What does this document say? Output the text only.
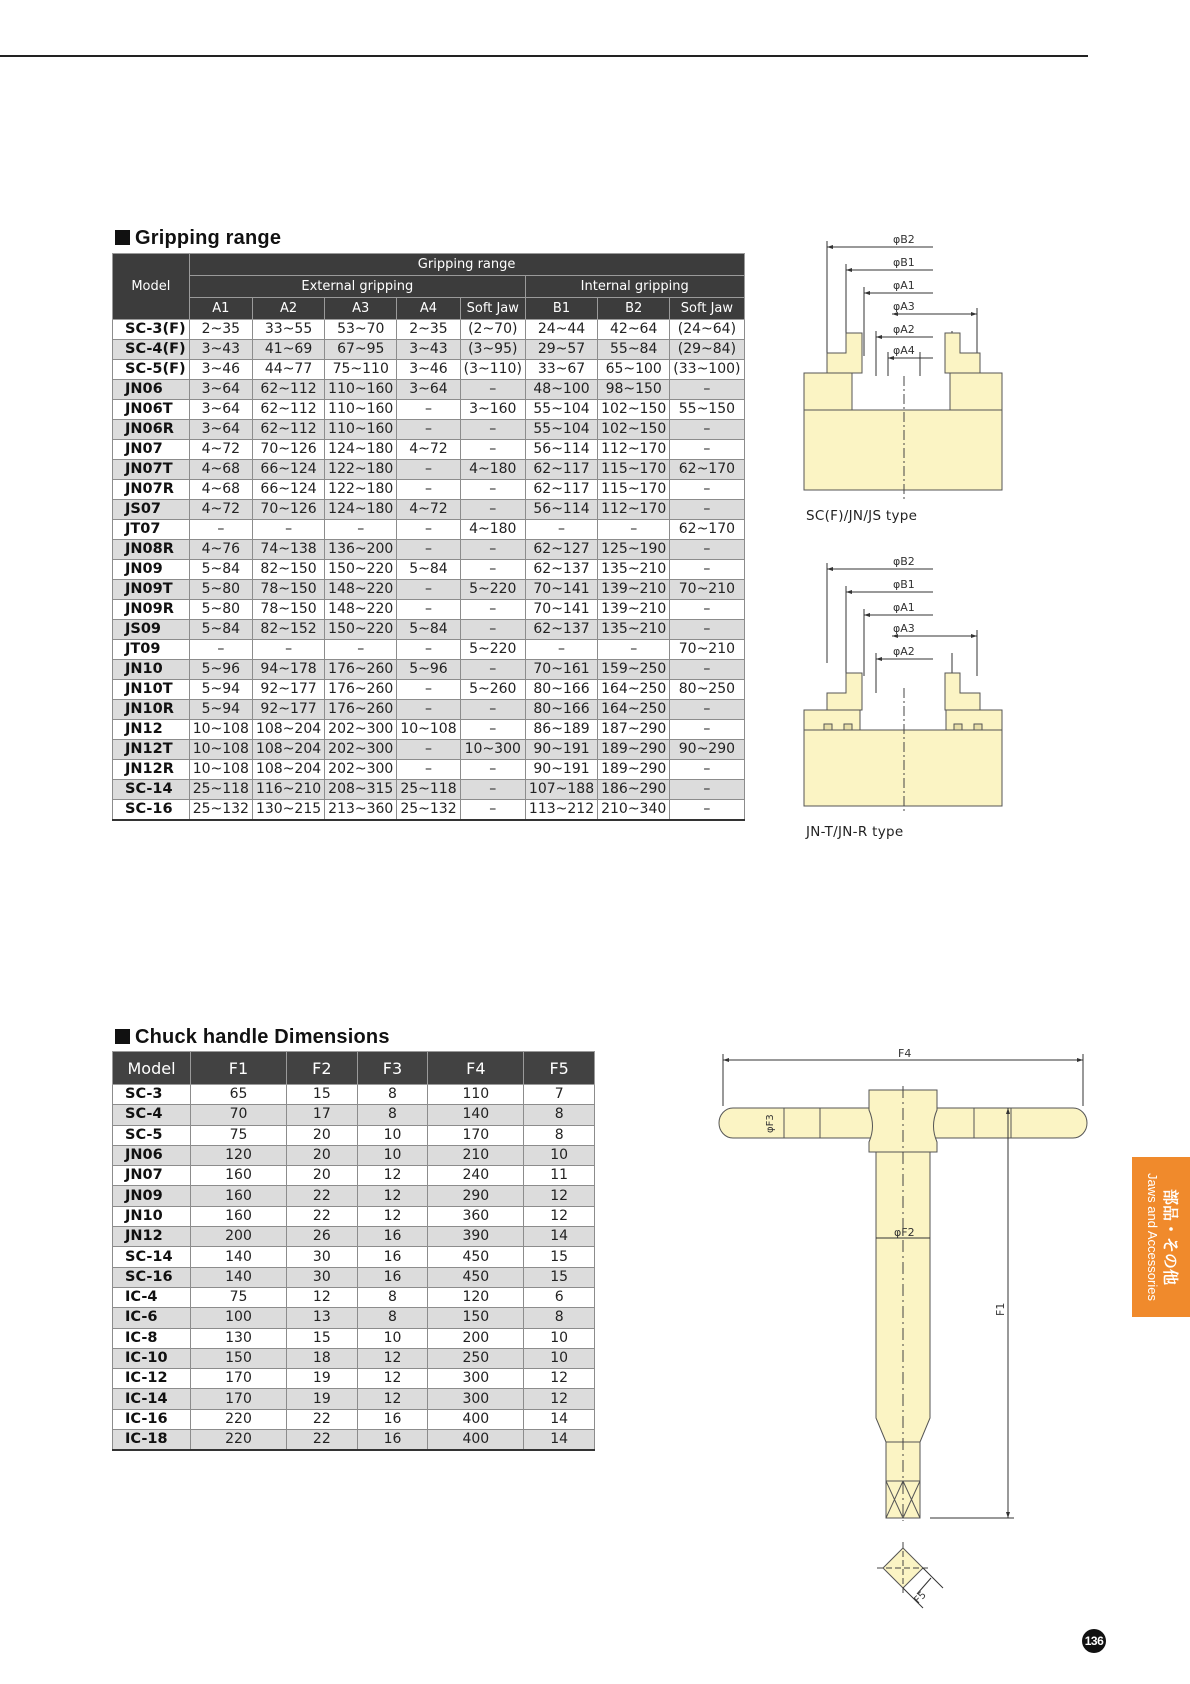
Gripping range
Model	Gripping range							
	External gripping					Internal gripping		
	A1	A2	A3	A4	Soft Jaw	B1	B2	Soft Jaw
SC-3(F)	2~35	33~55	53~70	2~35	(2~70)	24~44	42~64	(24~64)
SC-4(F)	3~43	41~69	67~95	3~43	(3~95)	29~57	55~84	(29~84)
SC-5(F)	3~46	44~77	75~110	3~46	(3~110)	33~67	65~100	(33~100)
JN06	3~64	62~112	110~160	3~64	–	48~100	98~150	–
JN06T	3~64	62~112	110~160	–	3~160	55~104	102~150	55~150
JN06R	3~64	62~112	110~160	–	–	55~104	102~150	–
JN07	4~72	70~126	124~180	4~72	–	56~114	112~170	–
JN07T	4~68	66~124	122~180	–	4~180	62~117	115~170	62~170
JN07R	4~68	66~124	122~180	–	–	62~117	115~170	–
JS07	4~72	70~126	124~180	4~72	–	56~114	112~170	–
JT07	–	–	–	–	4~180	–	–	62~170
JN08R	4~76	74~138	136~200	–	–	62~127	125~190	–
JN09	5~84	82~150	150~220	5~84	–	62~137	135~210	–
JN09T	5~80	78~150	148~220	–	5~220	70~141	139~210	70~210
JN09R	5~80	78~150	148~220	–	–	70~141	139~210	–
JS09	5~84	82~152	150~220	5~84	–	62~137	135~210	–
JT09	–	–	–	–	5~220	–	–	70~210
JN10	5~96	94~178	176~260	5~96	–	70~161	159~250	–
JN10T	5~94	92~177	176~260	–	5~260	80~166	164~250	80~250
JN10R	5~94	92~177	176~260	–	–	80~166	164~250	–
JN12	10~108	108~204	202~300	10~108	–	86~189	187~290	–
JN12T	10~108	108~204	202~300	–	10~300	90~191	189~290	90~290
JN12R	10~108	108~204	202~300	–	–	90~191	189~290	–
SC-14	25~118	116~210	208~315	25~118	–	107~188	186~290	–
SC-16	25~132	130~215	213~360	25~132	–	113~212	210~340	–
φB2
φB1
φA1
φA3
φA2
φA4
SC(F)/JN/JS type
φB2
φB1
φA1
φA3
φA2
JN-T/JN-R type
Chuck handle Dimensions
Model	F1	F2	F3	F4	F5
SC-3	65	15	8	110	7
SC-4	70	17	8	140	8
SC-5	75	20	10	170	8
JN06	120	20	10	210	10
JN07	160	20	12	240	11
JN09	160	22	12	290	12
JN10	160	22	12	360	12
JN12	200	26	16	390	14
SC-14	140	30	16	450	15
SC-16	140	30	16	450	15
IC-4	75	12	8	120	6
IC-6	100	13	8	150	8
IC-8	130	15	10	200	10
IC-10	150	18	12	250	10
IC-12	170	19	12	300	12
IC-14	170	19	12	300	12
IC-16	220	22	16	400	14
IC-18	220	22	16	400	14
F4
φF3
φF2
F1
F5
部品・その他
Jaws and Accessories
136
